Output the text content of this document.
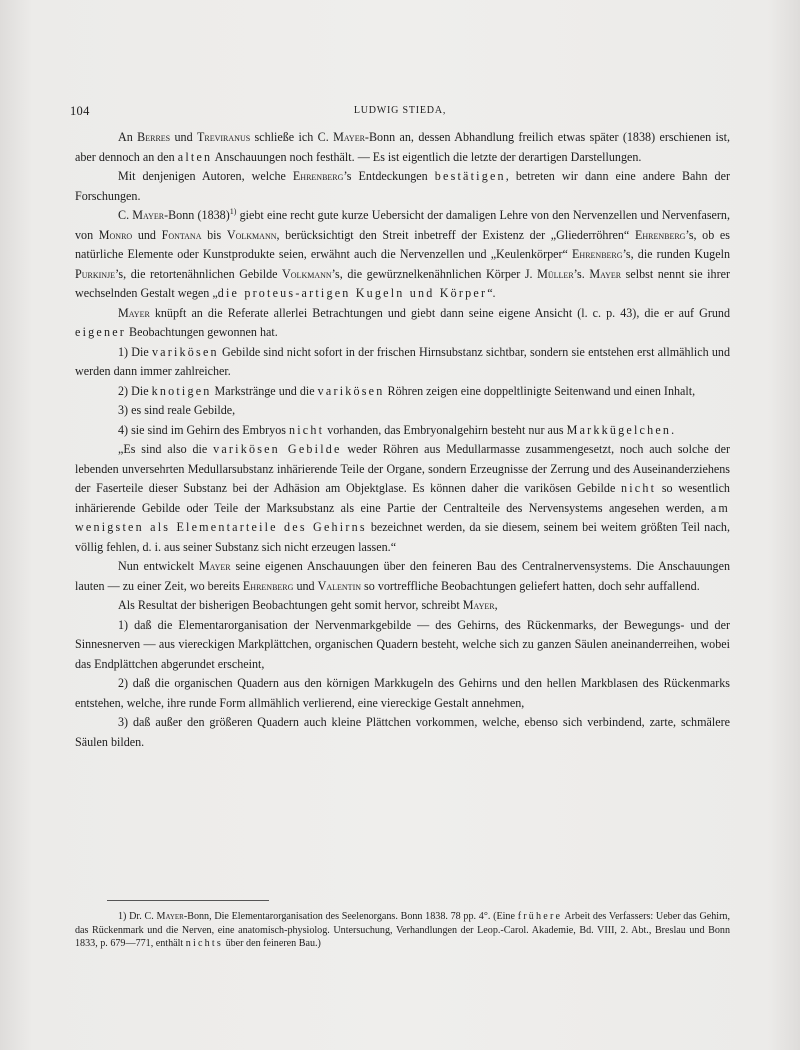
104	LUDWIG STIEDA,

An Berres und Treviranus schließe ich C. Mayer-Bonn an, dessen Abhandlung freilich etwas später (1838) erschienen ist, aber dennoch an den alten Anschauungen noch festhält. — Es ist eigentlich die letzte der derartigen Darstellungen.

Mit denjenigen Autoren, welche Ehrenberg’s Entdeckungen bestätigen, betreten wir dann eine andere Bahn der Forschungen.

C. Mayer-Bonn (1838)$^{1)}$ giebt eine recht gute kurze Uebersicht der damaligen Lehre von den Nervenzellen und Nervenfasern, von Monro und Fontana bis Volkmann, berücksichtigt den Streit inbetreff der Existenz der „Gliederröhren“ Ehrenberg’s, ob es natürliche Elemente oder Kunstprodukte seien, erwähnt auch die Nervenzellen und „Keulenkörper“ Ehrenberg’s, die runden Kugeln Purkinje’s, die retortenähnlichen Gebilde Volkmann’s, die gewürznelkenähnlichen Körper J. Müller’s. Mayer selbst nennt sie ihrer wechselnden Gestalt wegen „die proteus-artigen Kugeln und Körper“.

Mayer knüpft an die Referate allerlei Betrachtungen und giebt dann seine eigene Ansicht (l. c. p. 43), die er auf Grund eigener Beobachtungen gewonnen hat.

1) Die varikösen Gebilde sind nicht sofort in der frischen Hirnsubstanz sichtbar, sondern sie entstehen erst allmählich und werden dann immer zahlreicher.

2) Die knotigen Markstränge und die varikösen Röhren zeigen eine doppeltlinigte Seitenwand und einen Inhalt,

3) es sind reale Gebilde,

4) sie sind im Gehirn des Embryos nicht vorhanden, das Embryonalgehirn besteht nur aus Markkügelchen.

„Es sind also die varikösen Gebilde weder Röhren aus Medullarmasse zusammengesetzt, noch auch solche der lebenden unversehrten Medullarsubstanz inhärierende Teile der Organe, sondern Erzeugnisse der Zerrung und des Auseinanderziehens der Faserteile dieser Substanz bei der Adhäsion am Objektglase. Es können daher die varikösen Gebilde nicht so wesentlich inhärierende Gebilde oder Teile der Marksubstanz als eine Partie der Centralteile des Nervensystems angesehen werden, am wenigsten als Elementarteile des Gehirns bezeichnet werden, da sie diesem, seinem bei weitem größten Teil nach, völlig fehlen, d. i. aus seiner Substanz sich nicht erzeugen lassen.“

Nun entwickelt Mayer seine eigenen Anschauungen über den feineren Bau des Centralnervensystems. Die Anschauungen lauten — zu einer Zeit, wo bereits Ehrenberg und Valentin so vortreffliche Beobachtungen geliefert hatten, doch sehr auffallend.

Als Resultat der bisherigen Beobachtungen geht somit hervor, schreibt Mayer,

1) daß die Elementarorganisation der Nervenmarkgebilde — des Gehirns, des Rückenmarks, der Bewegungs- und der Sinnesnerven — aus viereckigen Markplättchen, organischen Quadern besteht, welche sich zu ganzen Säulen aneinanderreihen, wobei das Endplättchen abgerundet erscheint,

2) daß die organischen Quadern aus den körnigen Markkugeln des Gehirns und den hellen Markblasen des Rückenmarks entstehen, welche, ihre runde Form allmählich verlierend, eine viereckige Gestalt annehmen,

3) daß außer den größeren Quadern auch kleine Plättchen vorkommen, welche, ebenso sich verbindend, zarte, schmälere Säulen bilden.

1) Dr. C. Mayer-Bonn, Die Elementarorganisation des Seelenorgans. Bonn 1838. 78 pp. 4°. (Eine frühere Arbeit des Verfassers: Ueber das Gehirn, das Rückenmark und die Nerven, eine anatomisch-physiolog. Untersuchung, Verhandlungen der Leop.-Carol. Akademie, Bd. VIII, 2. Abt., Breslau und Bonn 1833, p. 679—771, enthält nichts über den feineren Bau.)
